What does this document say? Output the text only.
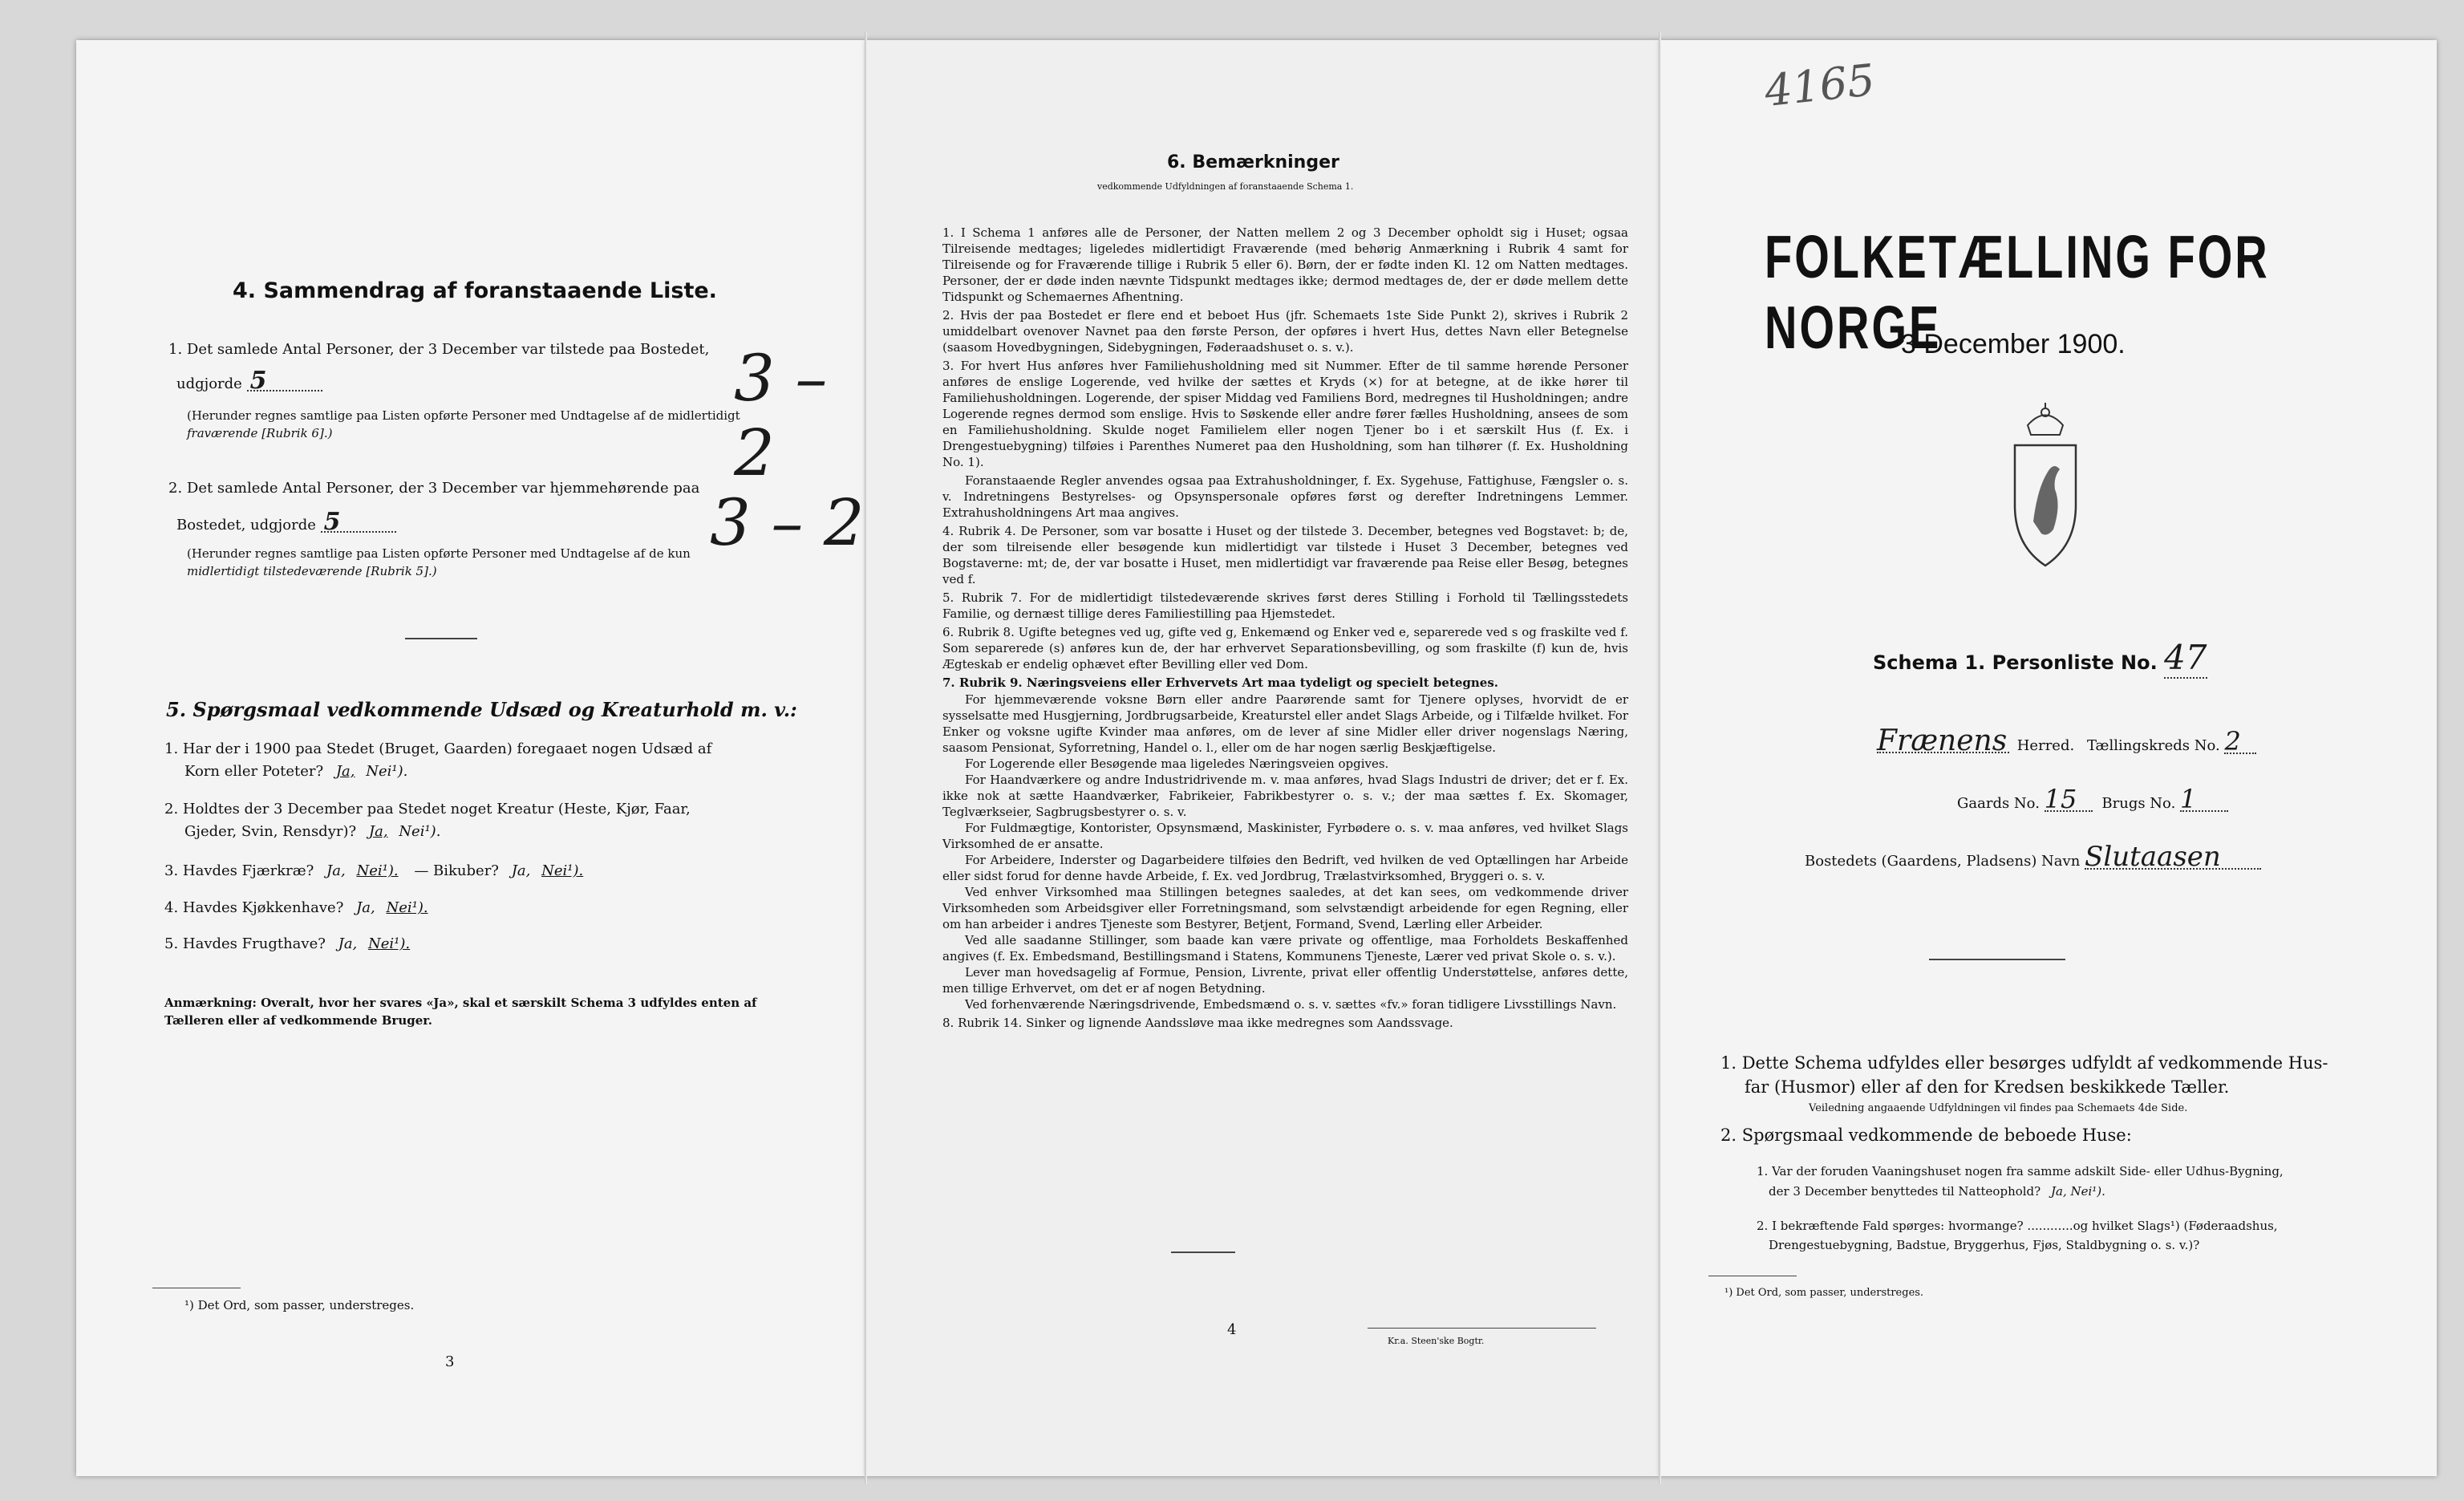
4. Sammendrag af foranstaaende Liste.
1. Det samlede Antal Personer, der 3 December var tilstede paa Bostedet,
udgjorde 5	3 – 2
(Herunder regnes samtlige paa Listen opførte Personer med Undtagelse af de midlertidigt
fraværende [Rubrik 6].)
2. Det samlede Antal Personer, der 3 December var hjemmehørende paa
Bostedet, udgjorde 5	3 – 2
(Herunder regnes samtlige paa Listen opførte Personer med Undtagelse af de kun
midlertidigt tilstedeværende [Rubrik 5].)
5. Spørgsmaal vedkommende Udsæd og Kreaturhold m. v.:
1. Har der i 1900 paa Stedet (Bruget, Gaarden) foregaaet nogen Udsæd af
Korn eller Poteter? Ja, Nei¹).
2. Holdtes der 3 December paa Stedet noget Kreatur (Heste, Kjør, Faar,
Gjeder, Svin, Rensdyr)? Ja, Nei¹).
3. Havdes Fjærkræ? Ja, Nei¹). — Bikuber? Ja, Nei¹).
4. Havdes Kjøkkenhave? Ja, Nei¹).
5. Havdes Frugthave? Ja, Nei¹).
Anmærkning: Overalt, hvor her svares «Ja», skal et særskilt Schema 3 udfyldes enten af
Tælleren eller af vedkommende Bruger.
¹) Det Ord, som passer, understreges.
3
6. Bemærkninger
vedkommende Udfyldningen af foranstaaende Schema 1.
1. I Schema 1 anføres alle de Personer, der Natten mellem 2 og 3 December opholdt sig i Huset; ogsaa Tilreisende medtages; ligeledes midlertidigt Fraværende (med behørig Anmærkning i Rubrik 4 samt for Tilreisende og for Fraværende tillige i Rubrik 5 eller 6). Børn, der er fødte inden Kl. 12 om Natten medtages. Personer, der er døde inden nævnte Tidspunkt medtages ikke; dermod medtages de, der er døde mellem dette Tidspunkt og Schemaernes Afhentning.
2. Hvis der paa Bostedet er flere end et beboet Hus (jfr. Schemaets 1ste Side Punkt 2), skrives i Rubrik 2 umiddelbart ovenover Navnet paa den første Person, der opføres i hvert Hus, dettes Navn eller Betegnelse (saasom Hovedbygningen, Sidebygningen, Føderaadshuset o. s. v.).
3. For hvert Hus anføres hver Familiehusholdning med sit Nummer. Efter de til samme hørende Personer anføres de enslige Logerende, ved hvilke der sættes et Kryds (×) for at betegne, at de ikke hører til Familiehusholdningen. Logerende, der spiser Middag ved Familiens Bord, medregnes til Husholdningen; andre Logerende regnes dermod som enslige. Hvis to Søskende eller andre fører fælles Husholdning, ansees de som en Familiehusholdning. Skulde noget Familielem eller nogen Tjener bo i et særskilt Hus (f. Ex. i Drengestuebygning) tilføies i Parenthes Numeret paa den Husholdning, som han tilhører (f. Ex. Husholdning No. 1).
Foranstaaende Regler anvendes ogsaa paa Extrahusholdninger, f. Ex. Sygehuse, Fattighuse, Fængsler o. s. v. Indretningens Bestyrelses- og Opsynspersonale opføres først og derefter Indretningens Lemmer. Extrahusholdningens Art maa angives.
4. Rubrik 4. De Personer, som var bosatte i Huset og der tilstede 3. December, betegnes ved Bogstavet: b; de, der som tilreisende eller besøgende kun midlertidigt var tilstede i Huset 3 December, betegnes ved Bogstaverne: mt; de, der var bosatte i Huset, men midlertidigt var fraværende paa Reise eller Besøg, betegnes ved f.
5. Rubrik 7. For de midlertidigt tilstedeværende skrives først deres Stilling i Forhold til Tællingsstedets Familie, og dernæst tillige deres Familiestilling paa Hjemstedet.
6. Rubrik 8. Ugifte betegnes ved ug, gifte ved g, Enkemænd og Enker ved e, separerede ved s og fraskilte ved f. Som separerede (s) anføres kun de, der har erhvervet Separationsbevilling, og som fraskilte (f) kun de, hvis Ægteskab er endelig ophævet efter Bevilling eller ved Dom.
7. Rubrik 9. Næringsveiens eller Erhvervets Art maa tydeligt og specielt betegnes.
For hjemmeværende voksne Børn eller andre Paarørende samt for Tjenere oplyses, hvorvidt de er sysselsatte med Husgjerning, Jordbrugsarbeide, Kreaturstel eller andet Slags Arbeide, og i Tilfælde hvilket. For Enker og voksne ugifte Kvinder maa anføres, om de lever af sine Midler eller driver nogenslags Næring, saasom Pensionat, Syforretning, Handel o. l., eller om de har nogen særlig Beskjæftigelse.
For Logerende eller Besøgende maa ligeledes Næringsveien opgives.
For Haandværkere og andre Industridrivende m. v. maa anføres, hvad Slags Industri de driver; det er f. Ex. ikke nok at sætte Haandværker, Fabrikeier, Fabrikbestyrer o. s. v.; der maa sættes f. Ex. Skomager, Teglværkseier, Sagbrugsbestyrer o. s. v.
For Fuldmægtige, Kontorister, Opsynsmænd, Maskinister, Fyrbødere o. s. v. maa anføres, ved hvilket Slags Virksomhed de er ansatte.
For Arbeidere, Inderster og Dagarbeidere tilføies den Bedrift, ved hvilken de ved Optællingen har Arbeide eller sidst forud for denne havde Arbeide, f. Ex. ved Jordbrug, Trælastvirksomhed, Bryggeri o. s. v.
Ved enhver Virksomhed maa Stillingen betegnes saaledes, at det kan sees, om vedkommende driver Virksomheden som Arbeidsgiver eller Forretningsmand, som selvstændigt arbeidende for egen Regning, eller om han arbeider i andres Tjeneste som Bestyrer, Betjent, Formand, Svend, Lærling eller Arbeider.
Ved alle saadanne Stillinger, som baade kan være private og offentlige, maa Forholdets Beskaffenhed angives (f. Ex. Embedsmand, Bestillingsmand i Statens, Kommunens Tjeneste, Lærer ved privat Skole o. s. v.).
Lever man hovedsagelig af Formue, Pension, Livrente, privat eller offentlig Understøttelse, anføres dette, men tillige Erhvervet, om det er af nogen Betydning.
Ved forhenværende Næringsdrivende, Embedsmænd o. s. v. sættes «fv.» foran tidligere Livsstillings Navn.
8. Rubrik 14. Sinker og lignende Aandssløve maa ikke medregnes som Aandssvage.
4
Kr.a. Steen'ske Bogtr.
4165
FOLKETÆLLING FOR NORGE
3 December 1900.
Schema 1. Personliste No. 47
Frænens Herred. Tællingskreds No. 2
Gaards No. 15 Brugs No. 1
Bostedets (Gaardens, Pladsens) Navn Slutaasen
1. Dette Schema udfyldes eller besørges udfyldt af vedkommende Hus-
far (Husmor) eller af den for Kredsen beskikkede Tæller.
Veiledning angaaende Udfyldningen vil findes paa Schemaets 4de Side.
2. Spørgsmaal vedkommende de beboede Huse:
1. Var der foruden Vaaningshuset nogen fra samme adskilt Side- eller Udhus-Bygning,
der 3 December benyttedes til Natteophold? Ja, Nei¹).
2. I bekræftende Fald spørges: hvormange? ............og hvilket Slags¹) (Føderaadshus,
Drengestuebygning, Badstue, Bryggerhus, Fjøs, Staldbygning o. s. v.)?
¹) Det Ord, som passer, understreges.
